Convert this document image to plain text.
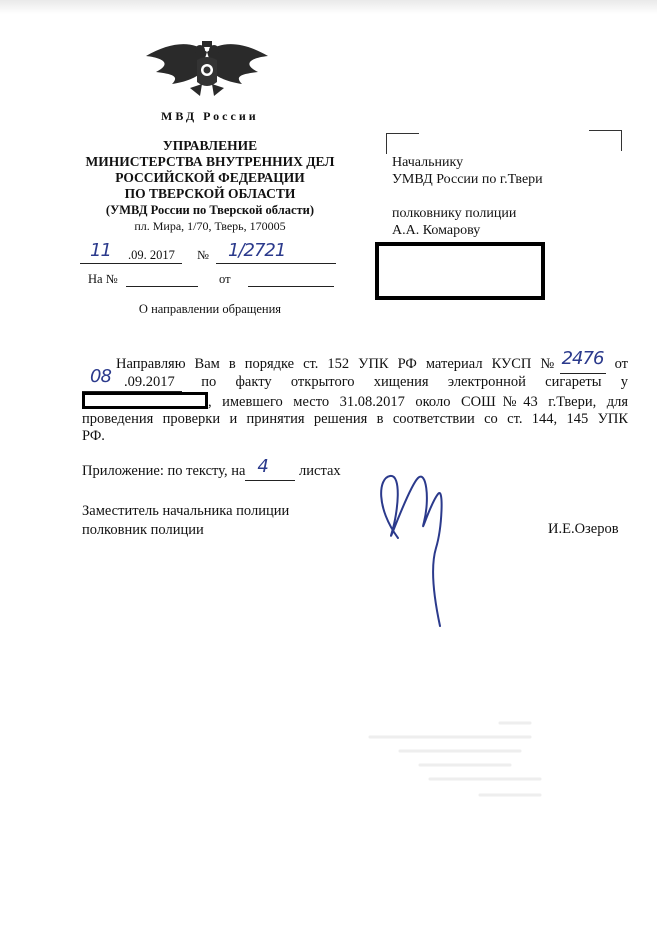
МВД России
УПРАВЛЕНИЕ
МИНИСТЕРСТВА ВНУТРЕННИХ ДЕЛ
РОССИЙСКОЙ ФЕДЕРАЦИИ
ПО ТВЕРСКОЙ ОБЛАСТИ
(УМВД России по Тверской области)
пл. Мира, 1/70, Тверь, 170005
11 .09. 2017 № 1/2721
На №	от
О направлении обращения
Начальнику
УМВД России по г.Твери
полковнику полиции
А.А. Комарову
Направляю Вам в порядке ст. 152 УПК РФ материал КУСП № 2476 от
08 .09.2017 по факту открытого хищения электронной сигареты у
, имевшего место 31.08.2017 около СОШ№43 г.Твери, для
проведения проверки и принятия решения в соответствии со ст. 144, 145 УПК
РФ.
Приложение: по тексту, на 4 листах
Заместитель начальника полиции
полковник полиции	И.Е.Озеров
